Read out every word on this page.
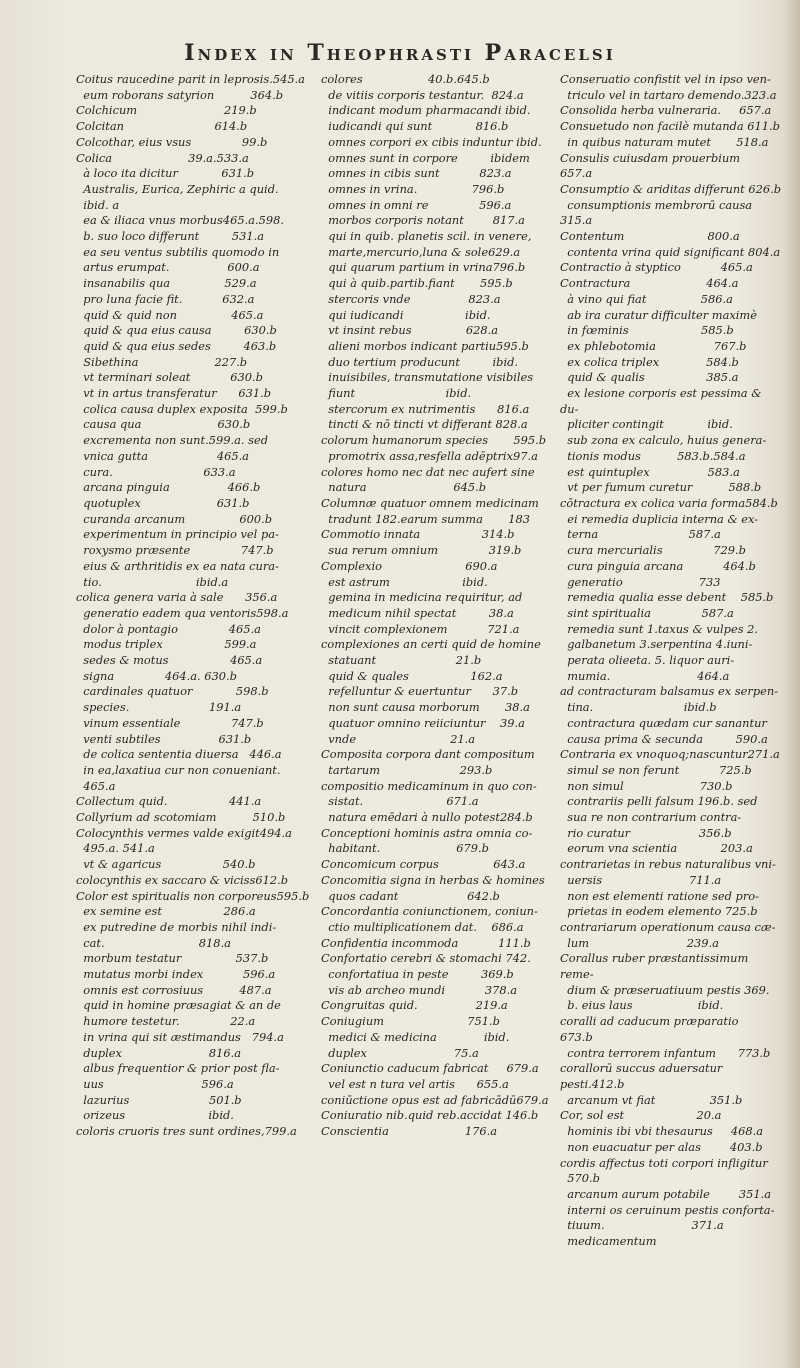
Index in Theophrasti Paracelsi
Coitus raucedine parit in leprosis.545.a
eum roborans satyrion          364.b
Colchicum                        219.b
Colcitan                         614.b
Colcothar, eius vsus              99.b
Colica                     39.a.533.a
à loco ita dicitur            631.b
Australis, Eurica, Zephiric a quid.
ibid. a
ea & iliaca vnus morbus465.a.598.
b. suo loco differunt         531.a
ea seu ventus subtilis quomodo in
artus erumpat.                600.a
insanabilis qua               529.a
pro luna facie fit.           632.a
quid & quid non               465.a
quid & qua eius causa         630.b
quid & qua eius sedes         463.b
Sibethina                     227.b
vt terminari soleat           630.b
vt in artus transferatur      631.b
colica causa duplex exposita  599.b
causa qua                     630.b
excrementa non sunt.599.a. sed
vnica gutta                   465.a
cura.                         633.a
arcana pinguia                466.b
quotuplex                     631.b
curanda arcanum               600.b
experimentum in principio vel pa-
roxysmo præsente              747.b
eius & arthritidis ex ea nata cura-
tio.                          ibid.a
colica genera varia à sale      356.a
generatio eadem qua ventoris598.a
dolor à pontagio              465.a
modus triplex                 599.a
sedes & motus                 465.a
signa              464.a. 630.b
cardinales quatuor            598.b
species.                      191.a
vinum essentiale              747.b
venti subtiles                631.b
de colica sententia diuersa   446.a
in ea,laxatiua cur non conueniant.
465.a
Collectum quid.                 441.a
Collyrium ad scotomiam          510.b
Colocynthis vermes valde exigit494.a
495.a. 541.a
vt & agaricus                 540.b
colocynthis ex saccaro & viciss612.b
Color est spiritualis non corporeus595.b
ex semine est                 286.a
ex putredine de morbis nihil indi-
cat.                          818.a
morbum testatur               537.b
mutatus morbi index           596.a
omnis est corrosiuus          487.a
quid in homine præsagiat & an de
humore testetur.              22.a
in vrina qui sit æstimandus   794.a
duplex                        816.a
albus frequentior & prior post fla-
uus                           596.a
lazurius                      501.b
orizeus                       ibid.
coloris cruoris tres sunt ordines,799.a
colores                  40.b.645.b
de vitiis corporis testantur.  824.a
indicant modum pharmacandi ibid.
iudicandi qui sunt            816.b
omnes corpori ex cibis induntur ibid.
omnes sunt in corpore         ibidem
omnes in cibis sunt           823.a
omnes in vrina.               796.b
omnes in omni re              596.a
morbos corporis notant        817.a
qui in quib. planetis scil. in venere,
marte,mercurio,luna & sole629.a
qui quarum partium in vrina796.b
qui à quib.partib.fiant       595.b
stercoris vnde                823.a
qui iudicandi                 ibid.
vt insint rebus               628.a
alieni morbos indicant partiu595.b
duo tertium producunt         ibid.
inuisibiles, transmutatione visibiles
fiunt                         ibid.
stercorum ex nutrimentis      816.a
tincti & nō tincti vt differant 828.a
colorum humanorum species       595.b
promotrix assa,resfella adēptrix97.a
colores homo nec dat nec aufert sine
natura                        645.b
Columnæ quatuor omnem medicinam
tradunt 182.earum summa       183
Commotio innata                 314.b
sua rerum omnium              319.b
Complexio                       690.a
est astrum                    ibid.
gemina in medicina requiritur, ad
medicum nihil spectat         38.a
vincit complexionem           721.a
complexiones an certi quid de homine
statuant                      21.b
quid & quales                 162.a
refelluntur & euertuntur      37.b
non sunt causa morborum       38.a
quatuor omnino reiiciuntur    39.a
vnde                          21.a
Composita corpora dant compositum
tartarum                      293.b
compositio medicaminum in quo con-
sistat.                       671.a
natura emēdari à nullo potest284.b
Conceptioni hominis astra omnia co-
habitant.                     679.b
Concomicum corpus               643.a
Concomitia signa in herbas & homines
quos cadant                   642.b
Concordantia coniunctionem, coniun-
ctio multiplicationem dat.    686.a
Confidentia incommoda           111.b
Confortatio cerebri & stomachi 742.
confortatiua in peste         369.b
vis ab archeo mundi           378.a
Congruitas quid.                219.a
Coniugium                       751.b
medici & medicina             ibid.
duplex                        75.a
Coniunctio caducum fabricat     679.a
vel est n tura vel artis      655.a
coniūctione opus est ad fabricādū679.a
Coniuratio nib.quid reb.accidat 146.b
Conscientia                     176.a
Conseruatio confistit vel in ipso ven-
triculo vel in tartaro demendo.323.a
Consolida herba vulneraria.     657.a
Consuetudo non facilè mutanda 611.b
in quibus naturam mutet       518.a
Consulis cuiusdam prouerbium    657.a
Consumptio & ariditas differunt 626.b
consumptionis membrorū causa 315.a
Contentum                       800.a
contenta vrina quid significant 804.a
Contractio à styptico           465.a
Contractura                     464.a
à vino qui fiat               586.a
ab ira curatur difficulter maximè
in fœminis                    585.b
ex phlebotomia                767.b
ex colica triplex             584.b
quid & qualis                 385.a
ex lesione corporis est pessima & du-
pliciter contingit            ibid.
sub zona ex calculo, huius genera-
tionis modus          583.b.584.a
est quintuplex                583.a
vt per fumum curetur          588.b
cōtractura ex colica varia forma584.b
ei remedia duplicia interna & ex-
terna                         587.a
cura mercurialis              729.b
cura pinguia arcana           464.b
generatio                     733
remedia qualia esse debent    585.b
sint spiritualia              587.a
remedia sunt 1.taxus & vulpes 2.
galbanetum 3.serpentina 4.iuni-
perata olieeta. 5. liquor auri-
mumia.                        464.a
ad contracturam balsamus ex serpen-
tina.                         ibid.b
contractura quædam cur sanantur
causa prima & secunda         590.a
Contraria ex vnoquoq;nascuntur271.a
simul se non ferunt           725.b
non simul                     730.b
contrariis pelli falsum 196.b. sed
sua re non contrarium contra-
rio curatur                   356.b
eorum vna scientia            203.a
contrarietas in rebus naturalibus vni-
uersis                        711.a
non est elementi ratione sed pro-
prietas in eodem elemento 725.b
contrariarum operationum causa cæ-
lum                           239.a
Corallus ruber præstantissimum reme-
dium & præseruatiuum pestis 369.
b. eius laus                  ibid.
coralli ad caducum præparatio   673.b
contra terrorem infantum      773.b
corallorū succus aduersatur pesti.412.b
arcanum vt fiat               351.b
Cor, sol est                    20.a
hominis ibi vbi thesaurus     468.a
non euacuatur per alas        403.b
cordis affectus toti corpori infligitur
570.b
arcanum aurum potabile        351.a
interni os ceruinum pestis conforta-
tiuum.                        371.a
medicamentum
